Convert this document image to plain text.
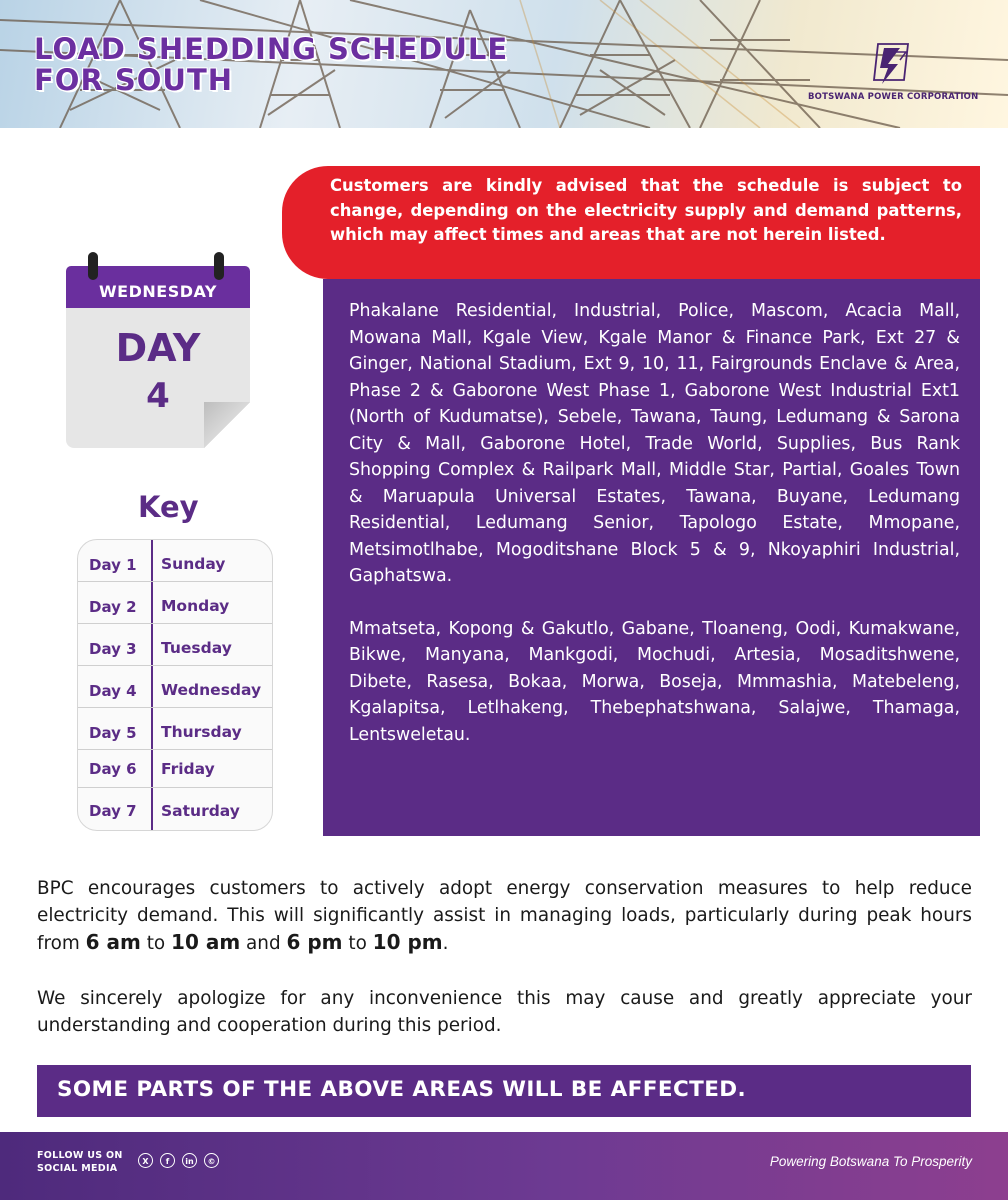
LOAD SHEDDING SCHEDULE
FOR SOUTH	BOTSWANA POWER CORPORATION

Customers are kindly advised that the schedule is subject to change, depending on the electricity supply and demand patterns, which may affect times and areas that are not herein listed.

WEDNESDAY
DAY
4
Key
Day 1 Sunday
Day 2 Monday
Day 3 Tuesday
Day 4 Wednesday
Day 5 Thursday
Day 6 Friday
Day 7 Saturday

Phakalane Residential, Industrial, Police, Mascom, Acacia Mall, Mowana Mall, Kgale View, Kgale Manor & Finance Park, Ext 27 & Ginger, National Stadium, Ext 9, 10, 11, Fairgrounds Enclave & Area, Phase 2 & Gaborone West Phase 1, Gaborone West Industrial Ext1 (North of Kudumatse), Sebele, Tawana, Taung, Ledumang & Sarona City & Mall, Gaborone Hotel, Trade World, Supplies, Bus Rank Shopping Complex & Railpark Mall, Middle Star, Partial, Goales Town & Maruapula Universal Estates, Tawana, Buyane, Ledumang Residential, Ledumang Senior, Tapologo Estate, Mmopane, Metsimotlhabe, Mogoditshane Block 5 & 9, Nkoyaphiri Industrial, Gaphatswa.

Mmatseta, Kopong & Gakutlo, Gabane, Tloaneng, Oodi, Kumakwane, Bikwe, Manyana, Mankgodi, Mochudi, Artesia, Mosaditshwene, Dibete, Rasesa, Bokaa, Morwa, Boseja, Mmmashia, Matebeleng, Kgalapitsa, Letlhakeng, Thebephatshwana, Salajwe, Thamaga, Lentsweletau.

BPC encourages customers to actively adopt energy conservation measures to help reduce electricity demand. This will significantly assist in managing loads, particularly during peak hours from 6 am to 10 am and 6 pm to 10 pm.

We sincerely apologize for any inconvenience this may cause and greatly appreciate your understanding and cooperation during this period.

SOME PARTS OF THE ABOVE AREAS WILL BE AFFECTED.
FOLLOW US ON
SOCIAL MEDIA
X	f	in	©	Powering Botswana To Prosperity
